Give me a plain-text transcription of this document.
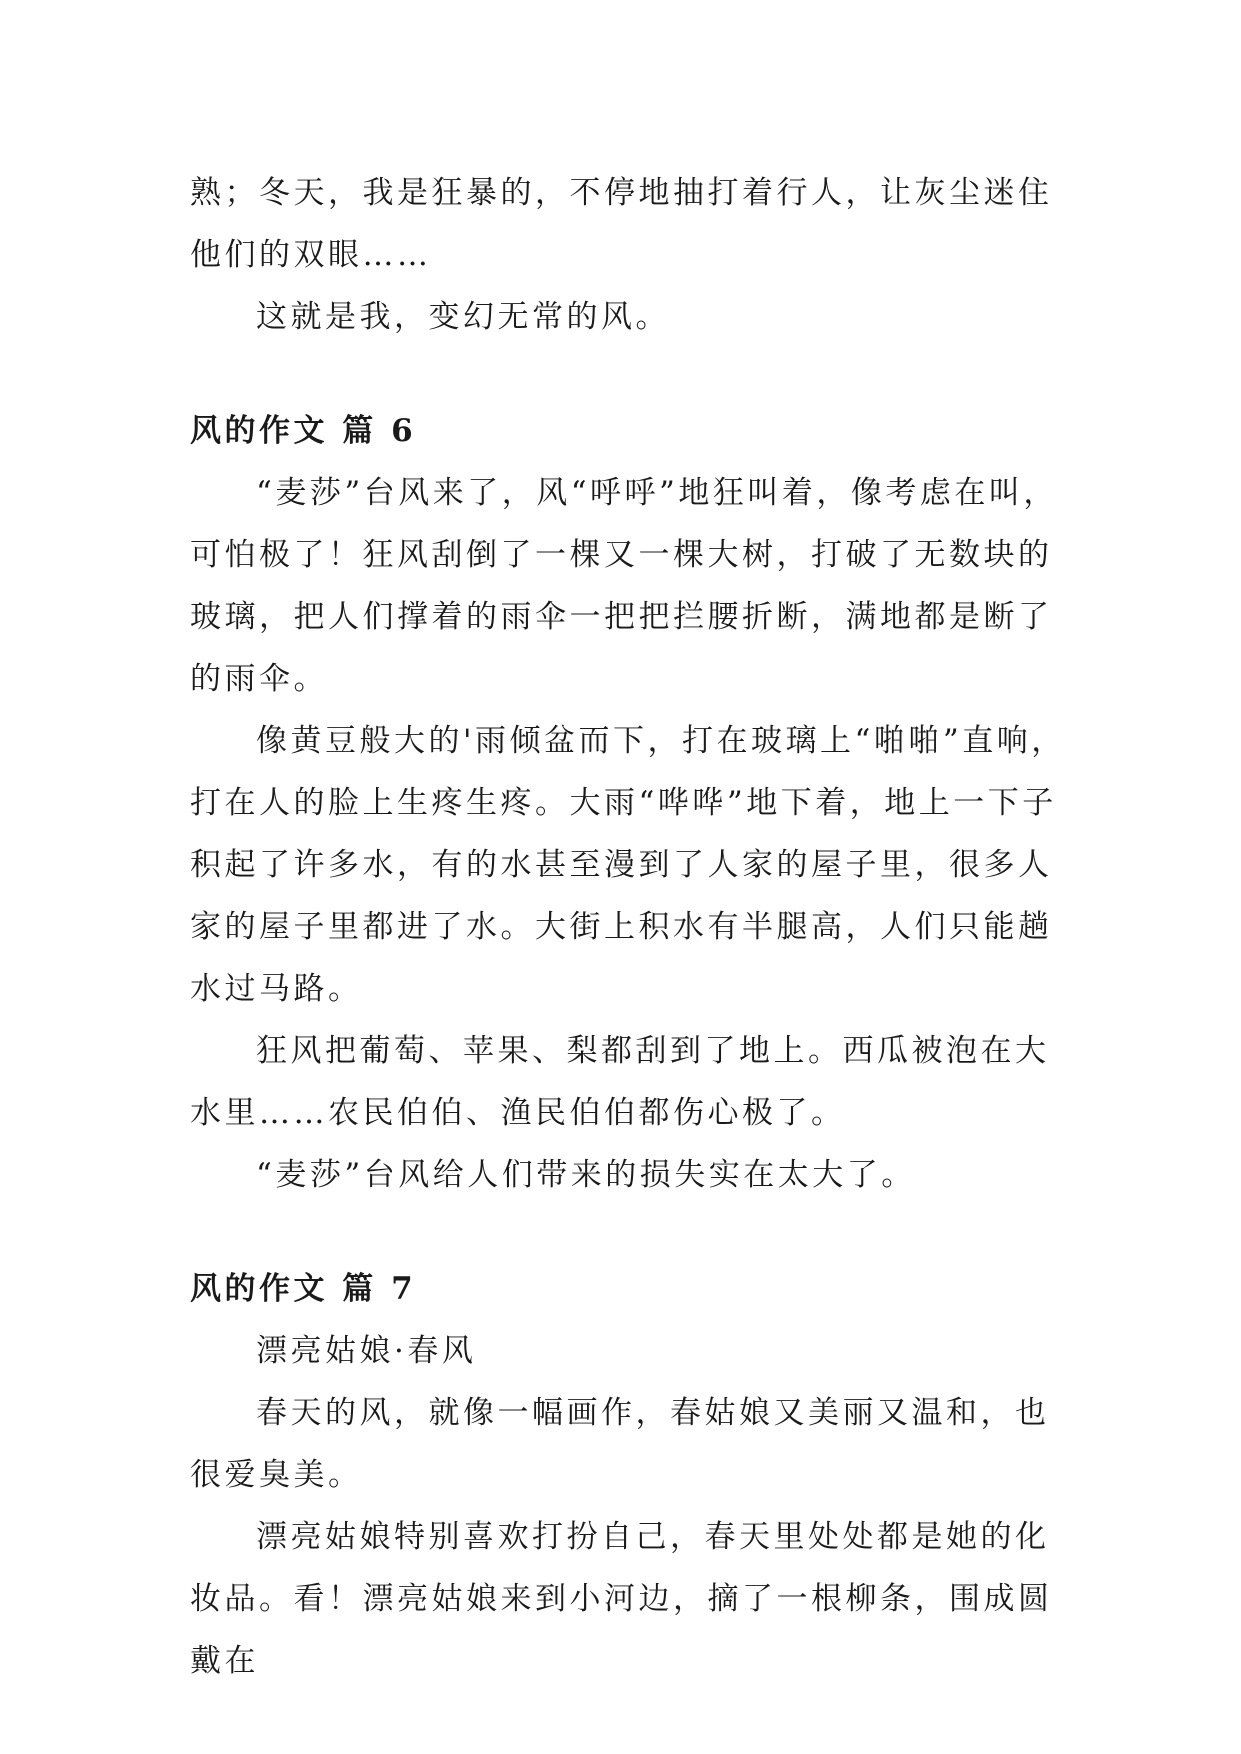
熟；冬天，我是狂暴的，不停地抽打着行人，让灰尘迷住他们的双眼……

这就是我，变幻无常的风。

风的作文 篇 6

“麦莎”台风来了，风“呼呼”地狂叫着，像考虑在叫，可怕极了！狂风刮倒了一棵又一棵大树，打破了无数块的玻璃，把人们撑着的雨伞一把把拦腰折断，满地都是断了的雨伞。

像黄豆般大的'雨倾盆而下，打在玻璃上“啪啪”直响，打在人的脸上生疼生疼。大雨“哗哗”地下着，地上一下子积起了许多水，有的水甚至漫到了人家的屋子里，很多人家的屋子里都进了水。大街上积水有半腿高，人们只能趟水过马路。

狂风把葡萄、苹果、梨都刮到了地上。西瓜被泡在大水里……农民伯伯、渔民伯伯都伤心极了。

“麦莎”台风给人们带来的损失实在太大了。

风的作文 篇 7

漂亮姑娘·春风

春天的风，就像一幅画作，春姑娘又美丽又温和，也很爱臭美。

漂亮姑娘特别喜欢打扮自己，春天里处处都是她的化妆品。看！漂亮姑娘来到小河边，摘了一根柳条，围成圆戴在
